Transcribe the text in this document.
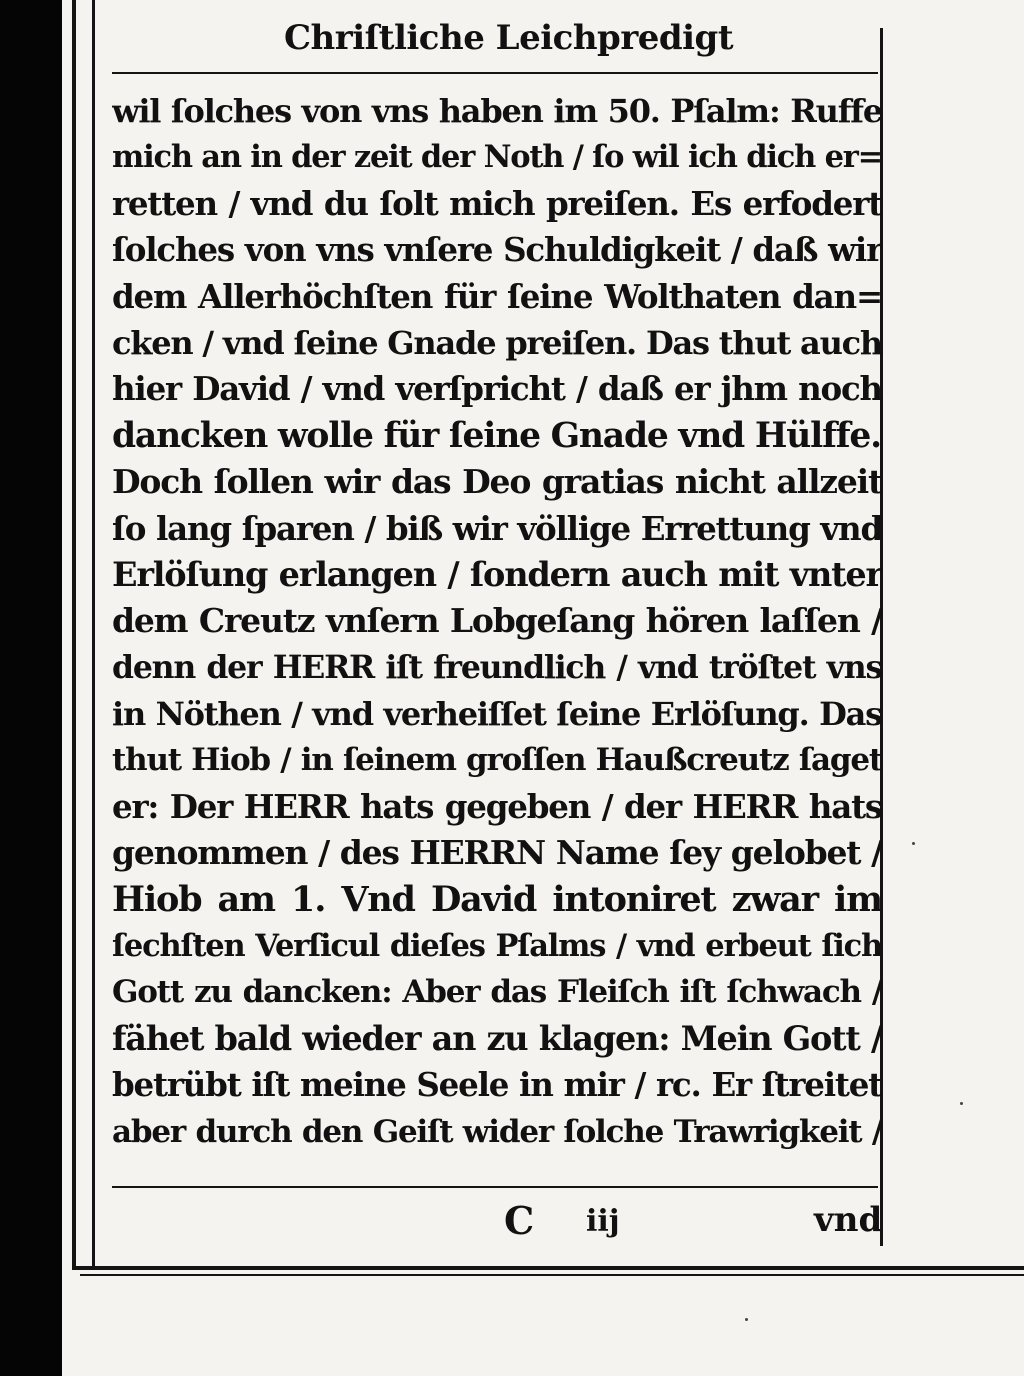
Chriſtliche Leichpredigt
wil ſolches von vns haben im 50. Pſalm: Ruffe
mich an in der zeit der Noth / ſo wil ich dich er=
retten / vnd du ſolt mich preiſen. Es erfodert
ſolches von vns vnſere Schuldigkeit / daß wir
dem Allerhöchſten für ſeine Wolthaten dan=
cken / vnd ſeine Gnade preiſen. Das thut auch
hier David / vnd verſpricht / daß er jhm noch
dancken wolle für ſeine Gnade vnd Hülffe.
Doch ſollen wir das Deo gratias nicht allzeit
ſo lang ſparen / biß wir völlige Errettung vnd
Erlöſung erlangen / ſondern auch mit vnter
dem Creutz vnſern Lobgeſang hören laſſen /
denn der HERR iſt freundlich / vnd tröſtet vns
in Nöthen / vnd verheiſſet ſeine Erlöſung. Das
thut Hiob / in ſeinem groſſen Haußcreutz ſaget
er: Der HERR hats gegeben / der HERR hats
genommen / des HERRN Name ſey gelobet /
Hiob am 1. Vnd David intoniret zwar im
ſechſten Verſicul dieſes Pſalms / vnd erbeut ſich
Gott zu dancken: Aber das Fleiſch iſt ſchwach /
fähet bald wieder an zu klagen: Mein Gott /
betrübt iſt meine Seele in mir / rc. Er ſtreitet
aber durch den Geiſt wider ſolche Trawrigkeit /
C iij	vnd
